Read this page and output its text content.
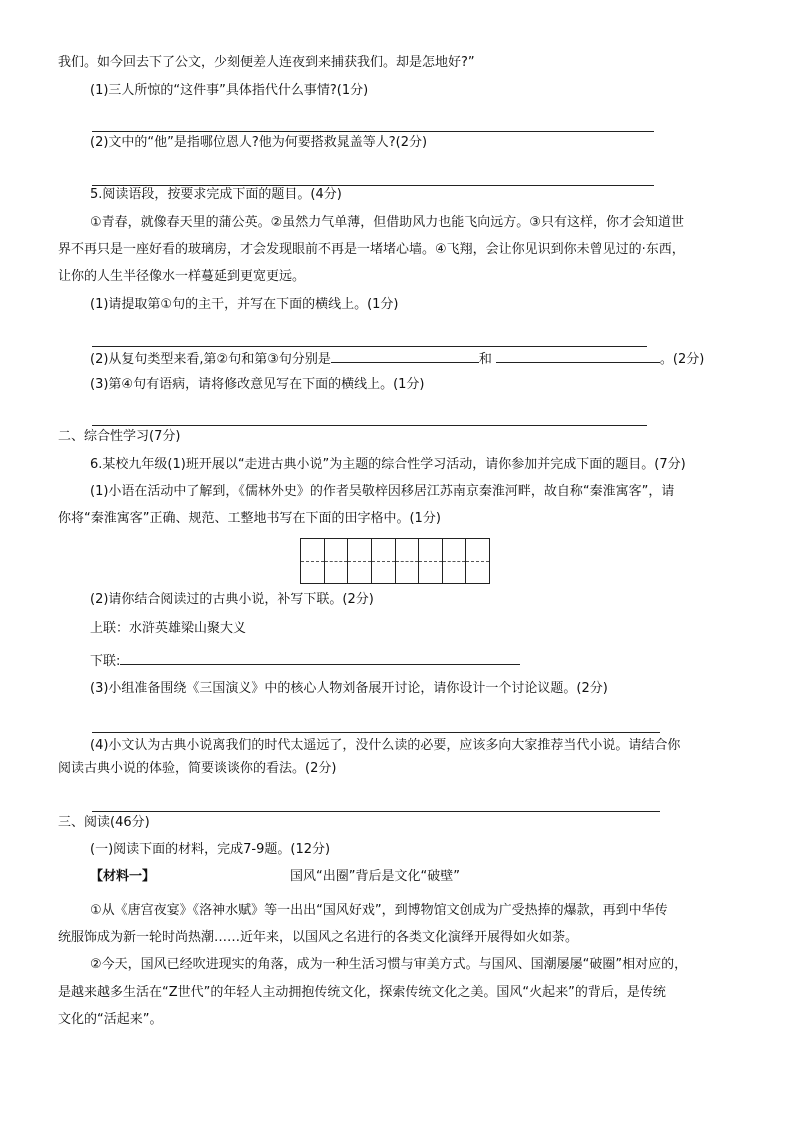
我们。如今回去下了公文，少刻便差人连夜到来捕获我们。却是怎地好?”
(1)三人所惊的“这件事”具体指代什么事情?(1分)
(2)文中的“他”是指哪位恩人?他为何要搭救晁盖等人?(2分)
5.阅读语段，按要求完成下面的题目。(4分)
①青春，就像春天里的蒲公英。②虽然力气单薄，但借助风力也能飞向远方。③只有这样，你才会知道世
界不再只是一座好看的玻璃房，才会发现眼前不再是一堵堵心墙。④飞翔，会让你见识到你未曾见过的·东西，
让你的人生半径像水一样蔓延到更宽更远。
(1)请提取第①句的主干，并写在下面的横线上。(1分)
(2)从复句类型来看,第②句和第③句分别是	和	。(2分)
(3)第④句有语病，请将修改意见写在下面的横线上。(1分)
二、综合性学习(7分)
6.某校九年级(1)班开展以“走进古典小说”为主题的综合性学习活动，请你参加并完成下面的题目。(7分)
(1)小语在活动中了解到，《儒林外史》的作者吴敬梓因移居江苏南京秦淮河畔，故自称“秦淮寓客”，请
你将“秦淮寓客”正确、规范、工整地书写在下面的田字格中。(1分)
(2)请你结合阅读过的古典小说，补写下联。(2分)
上联：水浒英雄梁山聚大义
下联:
(3)小组准备围绕《三国演义》中的核心人物刘备展开讨论，请你设计一个讨论议题。(2分)
(4)小文认为古典小说离我们的时代太遥远了，没什么读的必要，应该多向大家推荐当代小说。请结合你
阅读古典小说的体验，简要谈谈你的看法。(2分)
三、阅读(46分)
(一)阅读下面的材料，完成7-9题。(12分)
【材料一】	国风“出圈”背后是文化“破壁”
①从《唐宫夜宴》《洛神水赋》等一出出“国风好戏”，到博物馆文创成为广受热捧的爆款，再到中华传
统服饰成为新一轮时尚热潮……近年来，以国风之名进行的各类文化演绎开展得如火如荼。
②今天，国风已经吹进现实的角落，成为一种生活习惯与审美方式。与国风、国潮屡屡“破圈”相对应的，
是越来越多生活在“Z世代”的年轻人主动拥抱传统文化，探索传统文化之美。国风“火起来”的背后，是传统
文化的“活起来”。
